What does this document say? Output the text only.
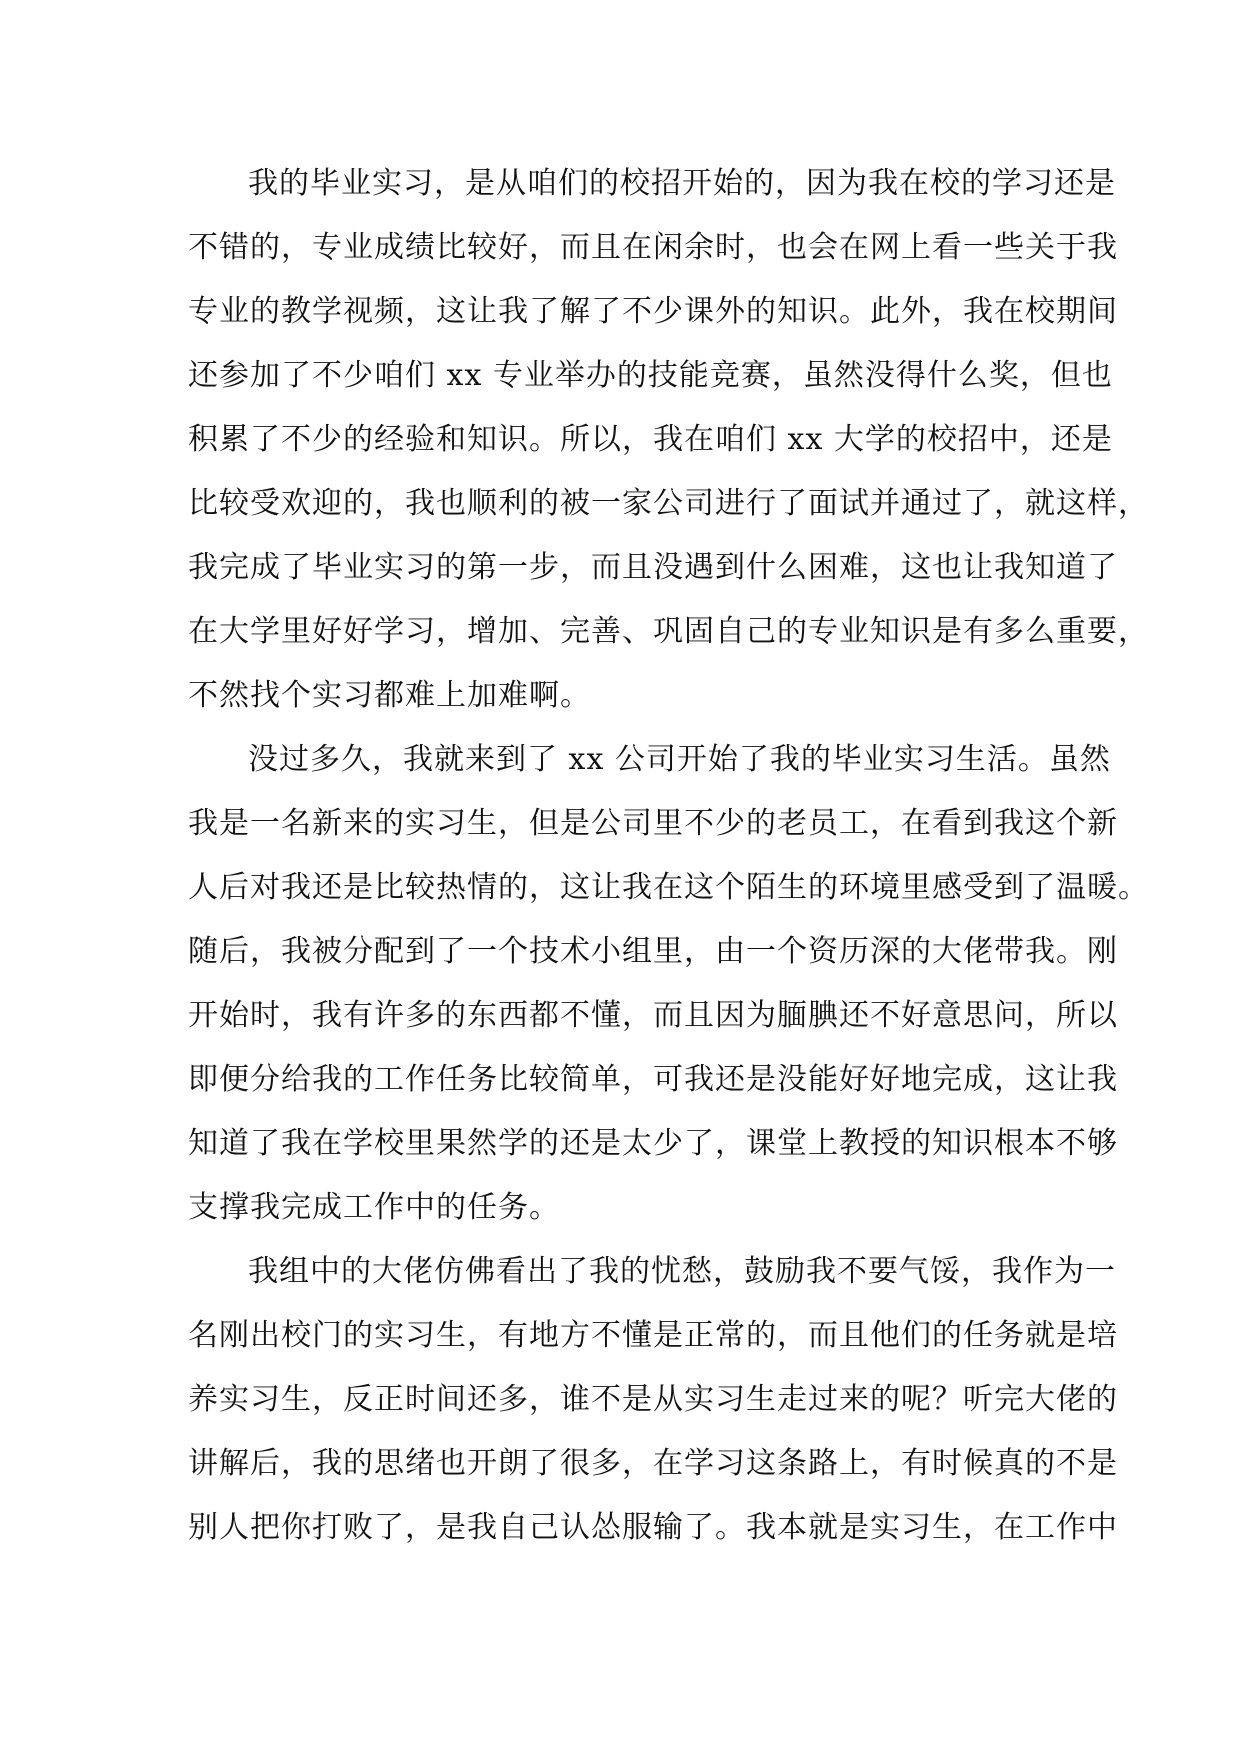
我的毕业实习，是从咱们的校招开始的，因为我在校的学习还是
不错的，专业成绩比较好，而且在闲余时，也会在网上看一些关于我
专业的教学视频，这让我了解了不少课外的知识。此外，我在校期间
还参加了不少咱们 xx 专业举办的技能竞赛，虽然没得什么奖，但也
积累了不少的经验和知识。所以，我在咱们 xx 大学的校招中，还是
比较受欢迎的，我也顺利的被一家公司进行了面试并通过了，就这样，
我完成了毕业实习的第一步，而且没遇到什么困难，这也让我知道了
在大学里好好学习，增加、完善、巩固自己的专业知识是有多么重要，
不然找个实习都难上加难啊。
没过多久，我就来到了 xx 公司开始了我的毕业实习生活。虽然
我是一名新来的实习生，但是公司里不少的老员工，在看到我这个新
人后对我还是比较热情的，这让我在这个陌生的环境里感受到了温暖。
随后，我被分配到了一个技术小组里，由一个资历深的大佬带我。刚
开始时，我有许多的东西都不懂，而且因为腼腆还不好意思问，所以
即便分给我的工作任务比较简单，可我还是没能好好地完成，这让我
知道了我在学校里果然学的还是太少了，课堂上教授的知识根本不够
支撑我完成工作中的任务。
我组中的大佬仿佛看出了我的忧愁，鼓励我不要气馁，我作为一
名刚出校门的实习生，有地方不懂是正常的，而且他们的任务就是培
养实习生，反正时间还多，谁不是从实习生走过来的呢？听完大佬的
讲解后，我的思绪也开朗了很多，在学习这条路上，有时候真的不是
别人把你打败了，是我自己认怂服输了。我本就是实习生，在工作中
